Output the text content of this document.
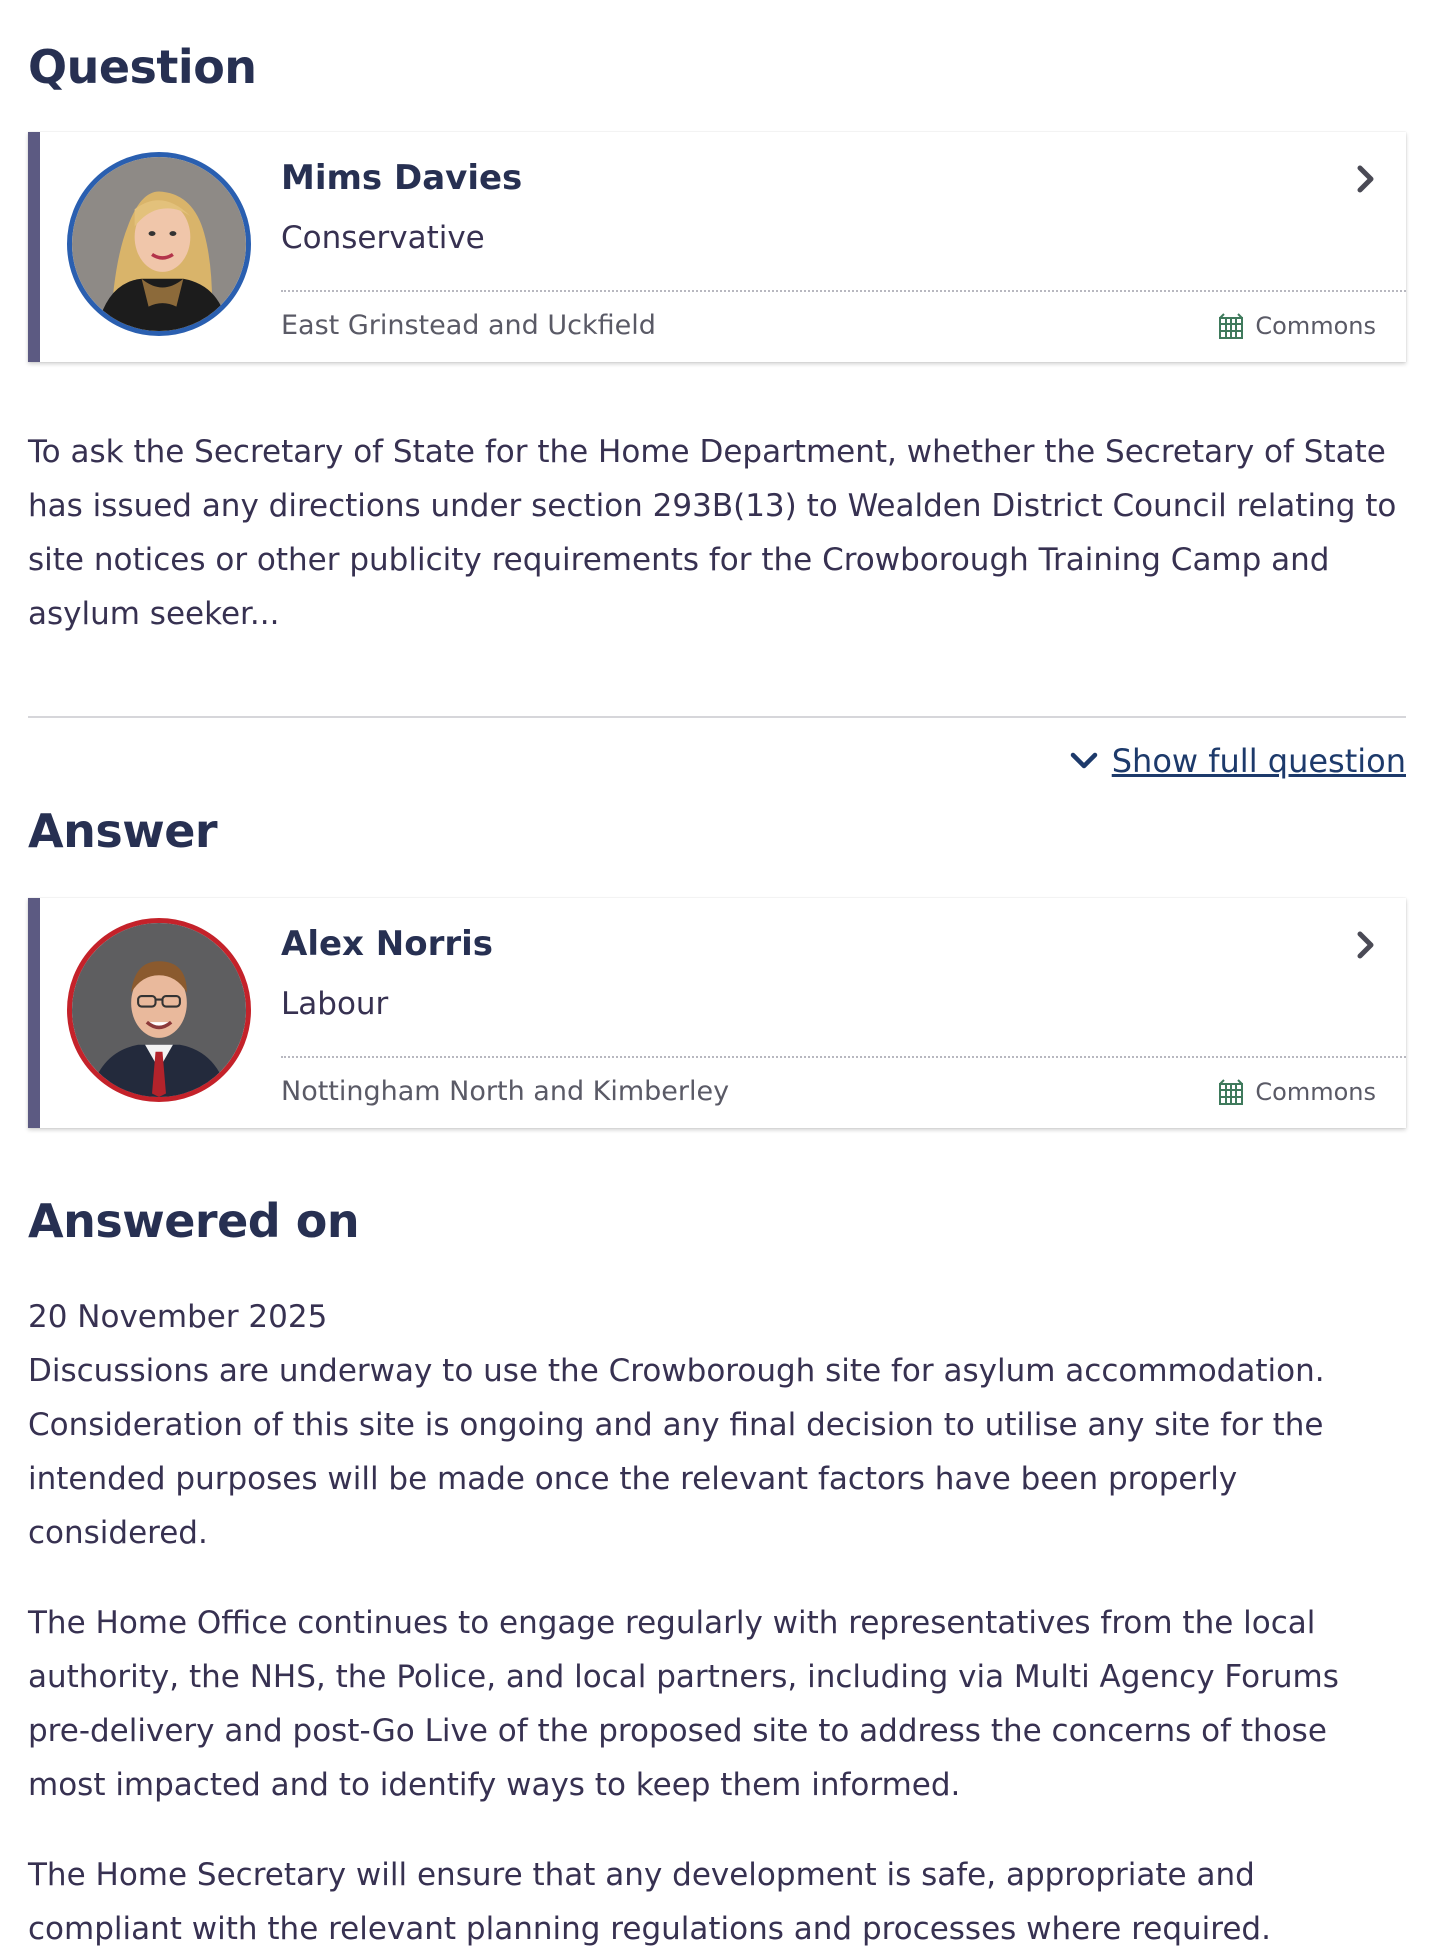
Question
Mims Davies
Conservative
East Grinstead and Uckfield	Commons

To ask the Secretary of State for the Home Department, whether the Secretary of State has issued any directions under section 293B(13) to Wealden District Council relating to site notices or other publicity requirements for the Crowborough Training Camp and asylum seeker...

Show full question
Answer
Alex Norris
Labour
Nottingham North and Kimberley	Commons
Answered on
20 November 2025

Discussions are underway to use the Crowborough site for asylum accommodation. Consideration of this site is ongoing and any final decision to utilise any site for the intended purposes will be made once the relevant factors have been properly considered.

The Home Office continues to engage regularly with representatives from the local authority, the NHS, the Police, and local partners, including via Multi Agency Forums pre-delivery and post-Go Live of the proposed site to address the concerns of those most impacted and to identify ways to keep them informed.

The Home Secretary will ensure that any development is safe, appropriate and compliant with the relevant planning regulations and processes where required.
